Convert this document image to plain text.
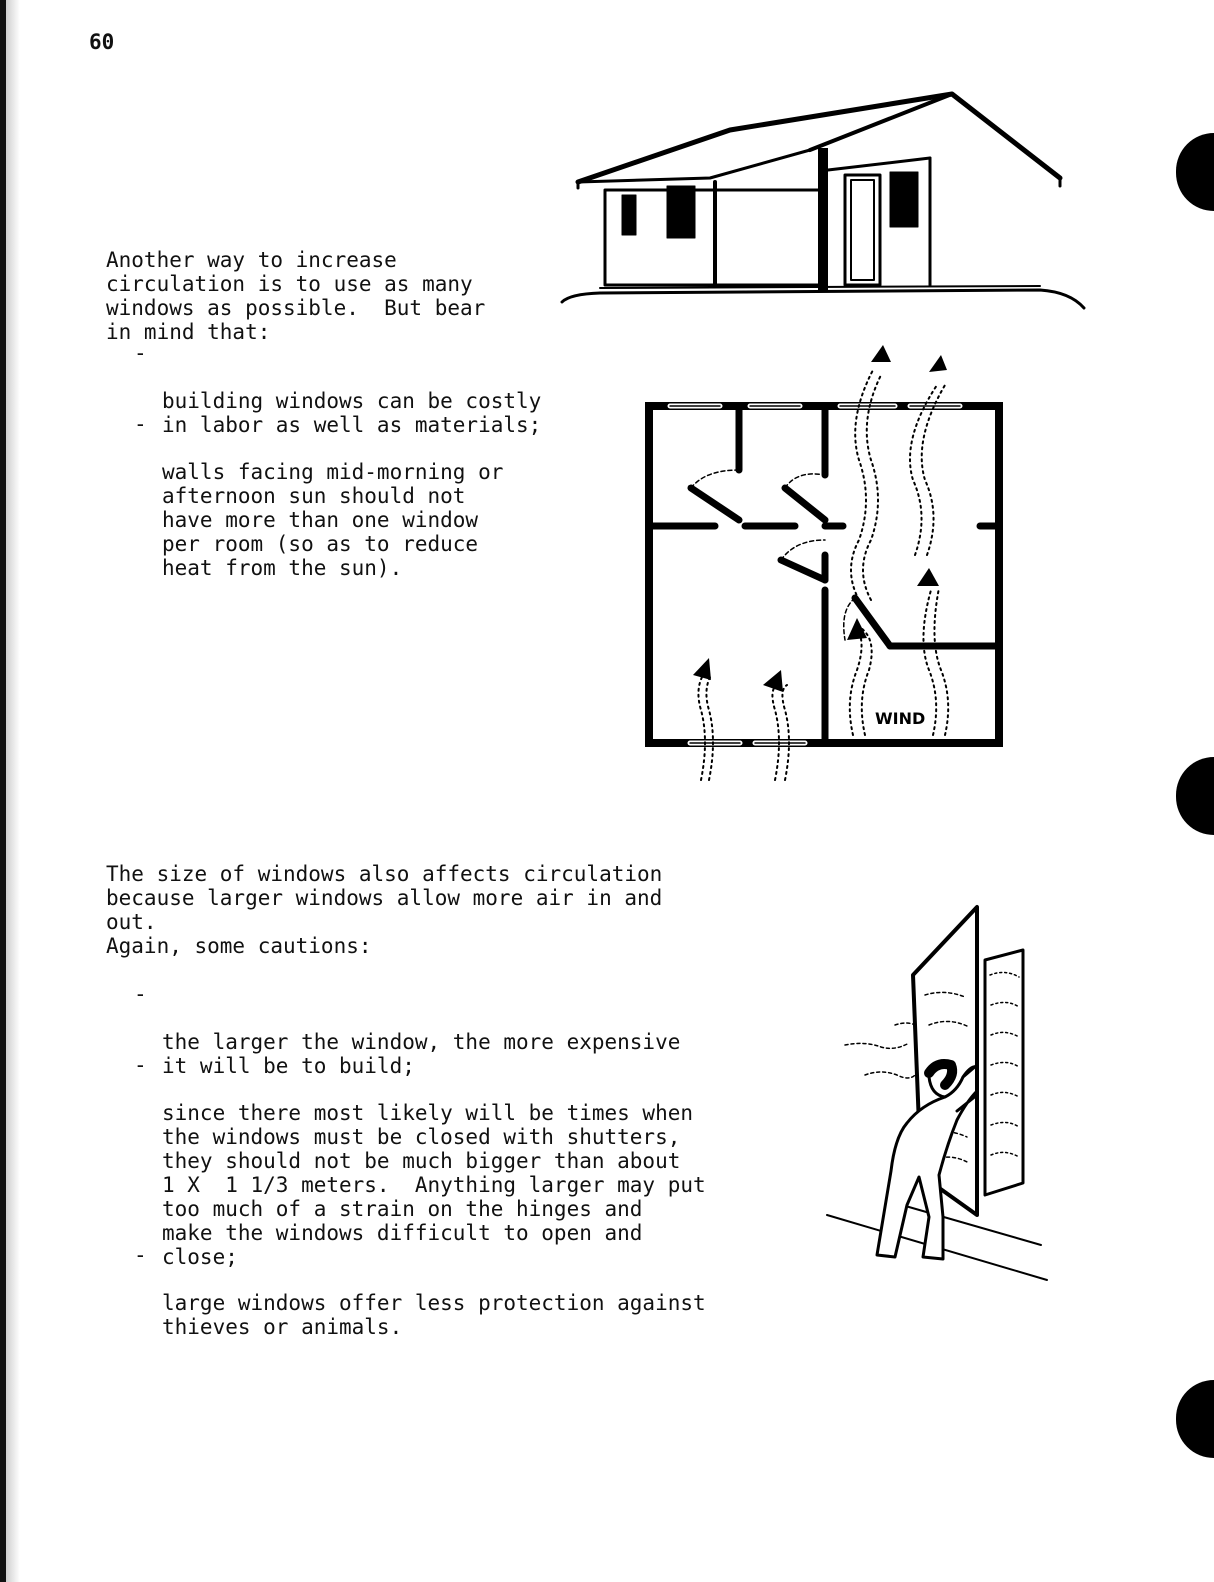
60

Another way to increase
circulation is to use as many
windows as possible.  But bear
in mind that:

-

building windows can be costly
in labor as well as materials;

-

walls facing mid-morning or
afternoon sun should not
have more than one window
per room (so as to reduce
heat from the sun).

The size of windows also affects circulation
because larger windows allow more air in and
out.

Again, some cautions:

-

the larger the window, the more expensive
it will be to build;

-

since there most likely will be times when
the windows must be closed with shutters,
they should not be much bigger than about
1 X  1 1/3 meters.  Anything larger may put
too much of a strain on the hinges and
make the windows difficult to open and
close;

-

large windows offer less protection against
thieves or animals.

WIND
